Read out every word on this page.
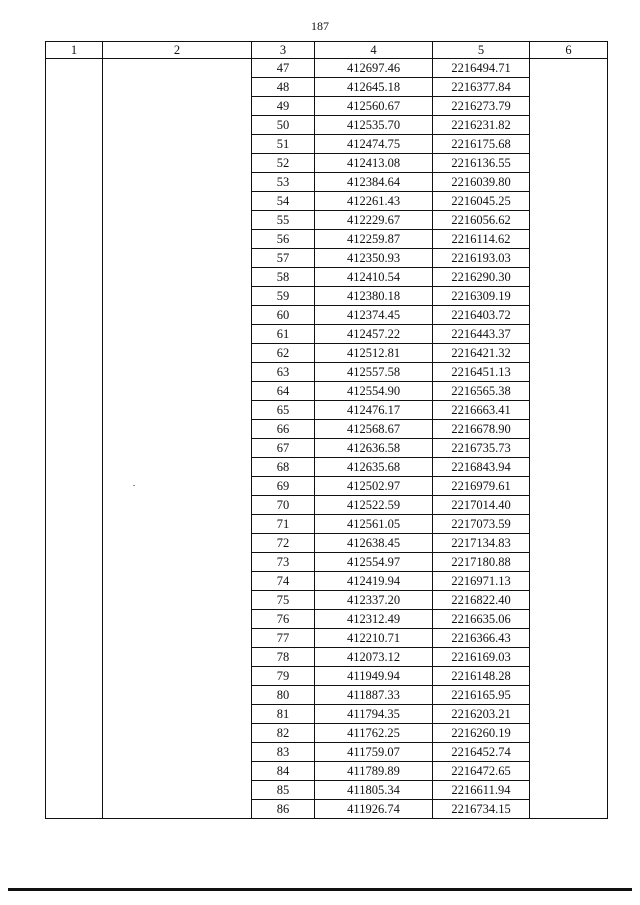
187
1	2	3	4	5	6
		47	412697.46	2216494.71	
		48	412645.18	2216377.84	
		49	412560.67	2216273.79	
		50	412535.70	2216231.82	
		51	412474.75	2216175.68	
		52	412413.08	2216136.55	
		53	412384.64	2216039.80	
		54	412261.43	2216045.25	
		55	412229.67	2216056.62	
		56	412259.87	2216114.62	
		57	412350.93	2216193.03	
		58	412410.54	2216290.30	
		59	412380.18	2216309.19	
		60	412374.45	2216403.72	
		61	412457.22	2216443.37	
		62	412512.81	2216421.32	
		63	412557.58	2216451.13	
		64	412554.90	2216565.38	
		65	412476.17	2216663.41	
		66	412568.67	2216678.90	
		67	412636.58	2216735.73	
		68	412635.68	2216843.94	
		69	412502.97	2216979.61	
		70	412522.59	2217014.40	
		71	412561.05	2217073.59	
		72	412638.45	2217134.83	
		73	412554.97	2217180.88	
		74	412419.94	2216971.13	
		75	412337.20	2216822.40	
		76	412312.49	2216635.06	
		77	412210.71	2216366.43	
		78	412073.12	2216169.03	
		79	411949.94	2216148.28	
		80	411887.33	2216165.95	
		81	411794.35	2216203.21	
		82	411762.25	2216260.19	
		83	411759.07	2216452.74	
		84	411789.89	2216472.65	
		85	411805.34	2216611.94	
		86	411926.74	2216734.15	
